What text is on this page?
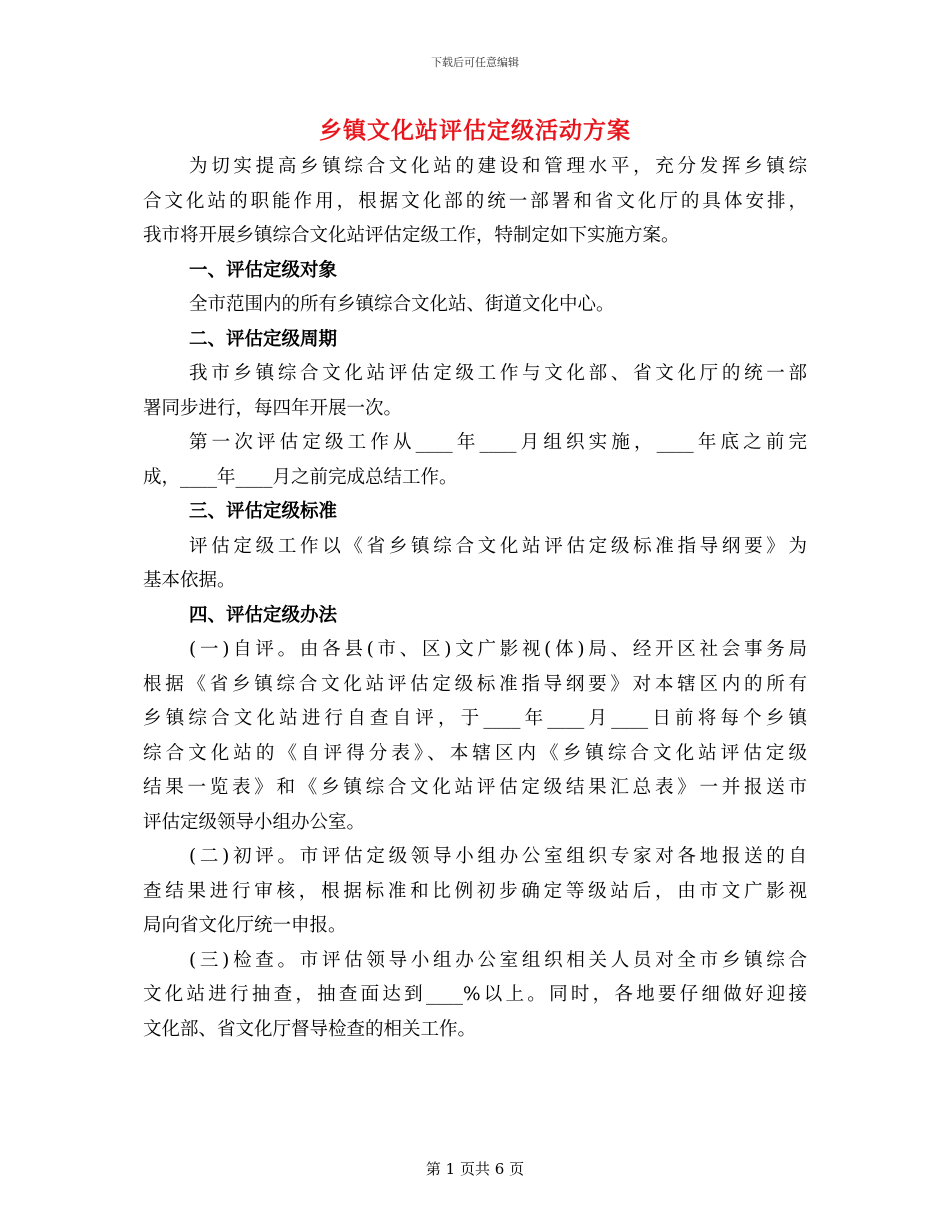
下载后可任意编辑
乡镇文化站评估定级活动方案
为切实提高乡镇综合文化站的建设和管理水平，充分发挥乡镇综
合文化站的职能作用，根据文化部的统一部署和省文化厅的具体安排，
我市将开展乡镇综合文化站评估定级工作，特制定如下实施方案。
一、评估定级对象
全市范围内的所有乡镇综合文化站、街道文化中心。
二、评估定级周期
我市乡镇综合文化站评估定级工作与文化部、省文化厅的统一部
署同步进行，每四年开展一次。
第一次评估定级工作从____年____月组织实施，____年底之前完
成，____年____月之前完成总结工作。
三、评估定级标准
评估定级工作以《省乡镇综合文化站评估定级标准指导纲要》为
基本依据。
四、评估定级办法
(一)自评。由各县(市、区)文广影视(体)局、经开区社会事务局
根据《省乡镇综合文化站评估定级标准指导纲要》对本辖区内的所有
乡镇综合文化站进行自查自评，于____年____月____日前将每个乡镇
综合文化站的《自评得分表》、本辖区内《乡镇综合文化站评估定级
结果一览表》和《乡镇综合文化站评估定级结果汇总表》一并报送市
评估定级领导小组办公室。
(二)初评。市评估定级领导小组办公室组织专家对各地报送的自
查结果进行审核，根据标准和比例初步确定等级站后，由市文广影视
局向省文化厅统一申报。
(三)检查。市评估领导小组办公室组织相关人员对全市乡镇综合
文化站进行抽查，抽查面达到____%以上。同时，各地要仔细做好迎接
文化部、省文化厅督导检查的相关工作。
第 1 页共 6 页
